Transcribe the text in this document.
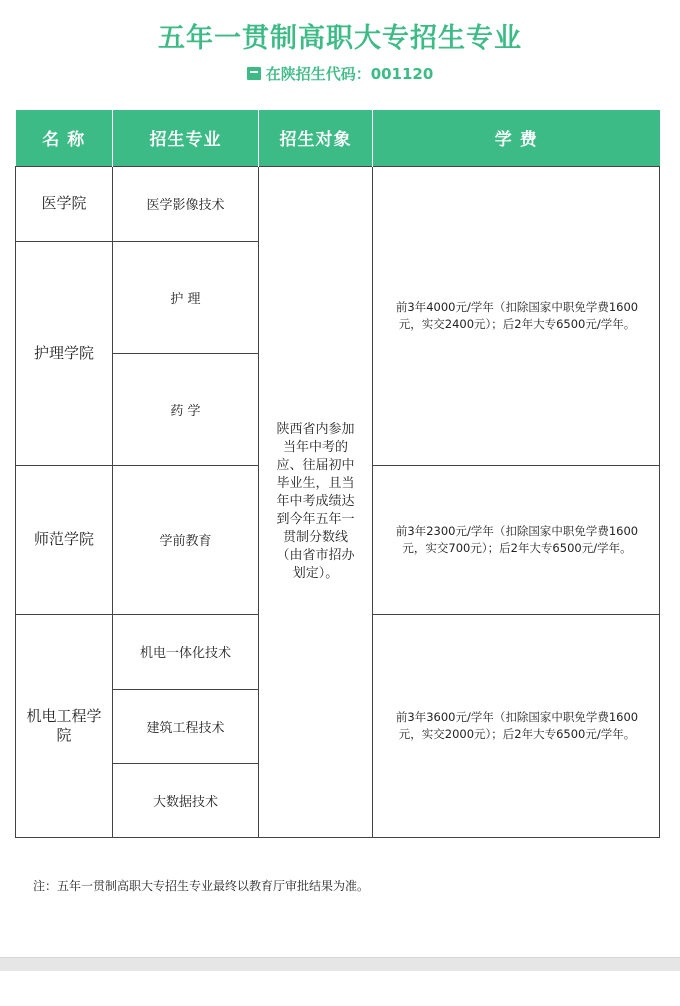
五年一贯制高职大专招生专业
在陕招生代码：001120
名 称	招生专业	招生对象	学 费
医学院	医学影像技术	陕西省内参加当年中考的应、往届初中毕业生，且当年中考成绩达到今年五年一贯制分数线（由省市招办划定）。	前3年4000元/学年（扣除国家中职免学费1600元，实交2400元）；后2年大专6500元/学年。
护理学院	护 理		
	药 学		
师范学院	学前教育		前3年2300元/学年（扣除国家中职免学费1600元，实交700元）；后2年大专6500元/学年。
机电工程学院	机电一体化技术		前3年3600元/学年（扣除国家中职免学费1600元，实交2000元）；后2年大专6500元/学年。
	建筑工程技术		
	大数据技术		
注：五年一贯制高职大专招生专业最终以教育厅审批结果为准。
